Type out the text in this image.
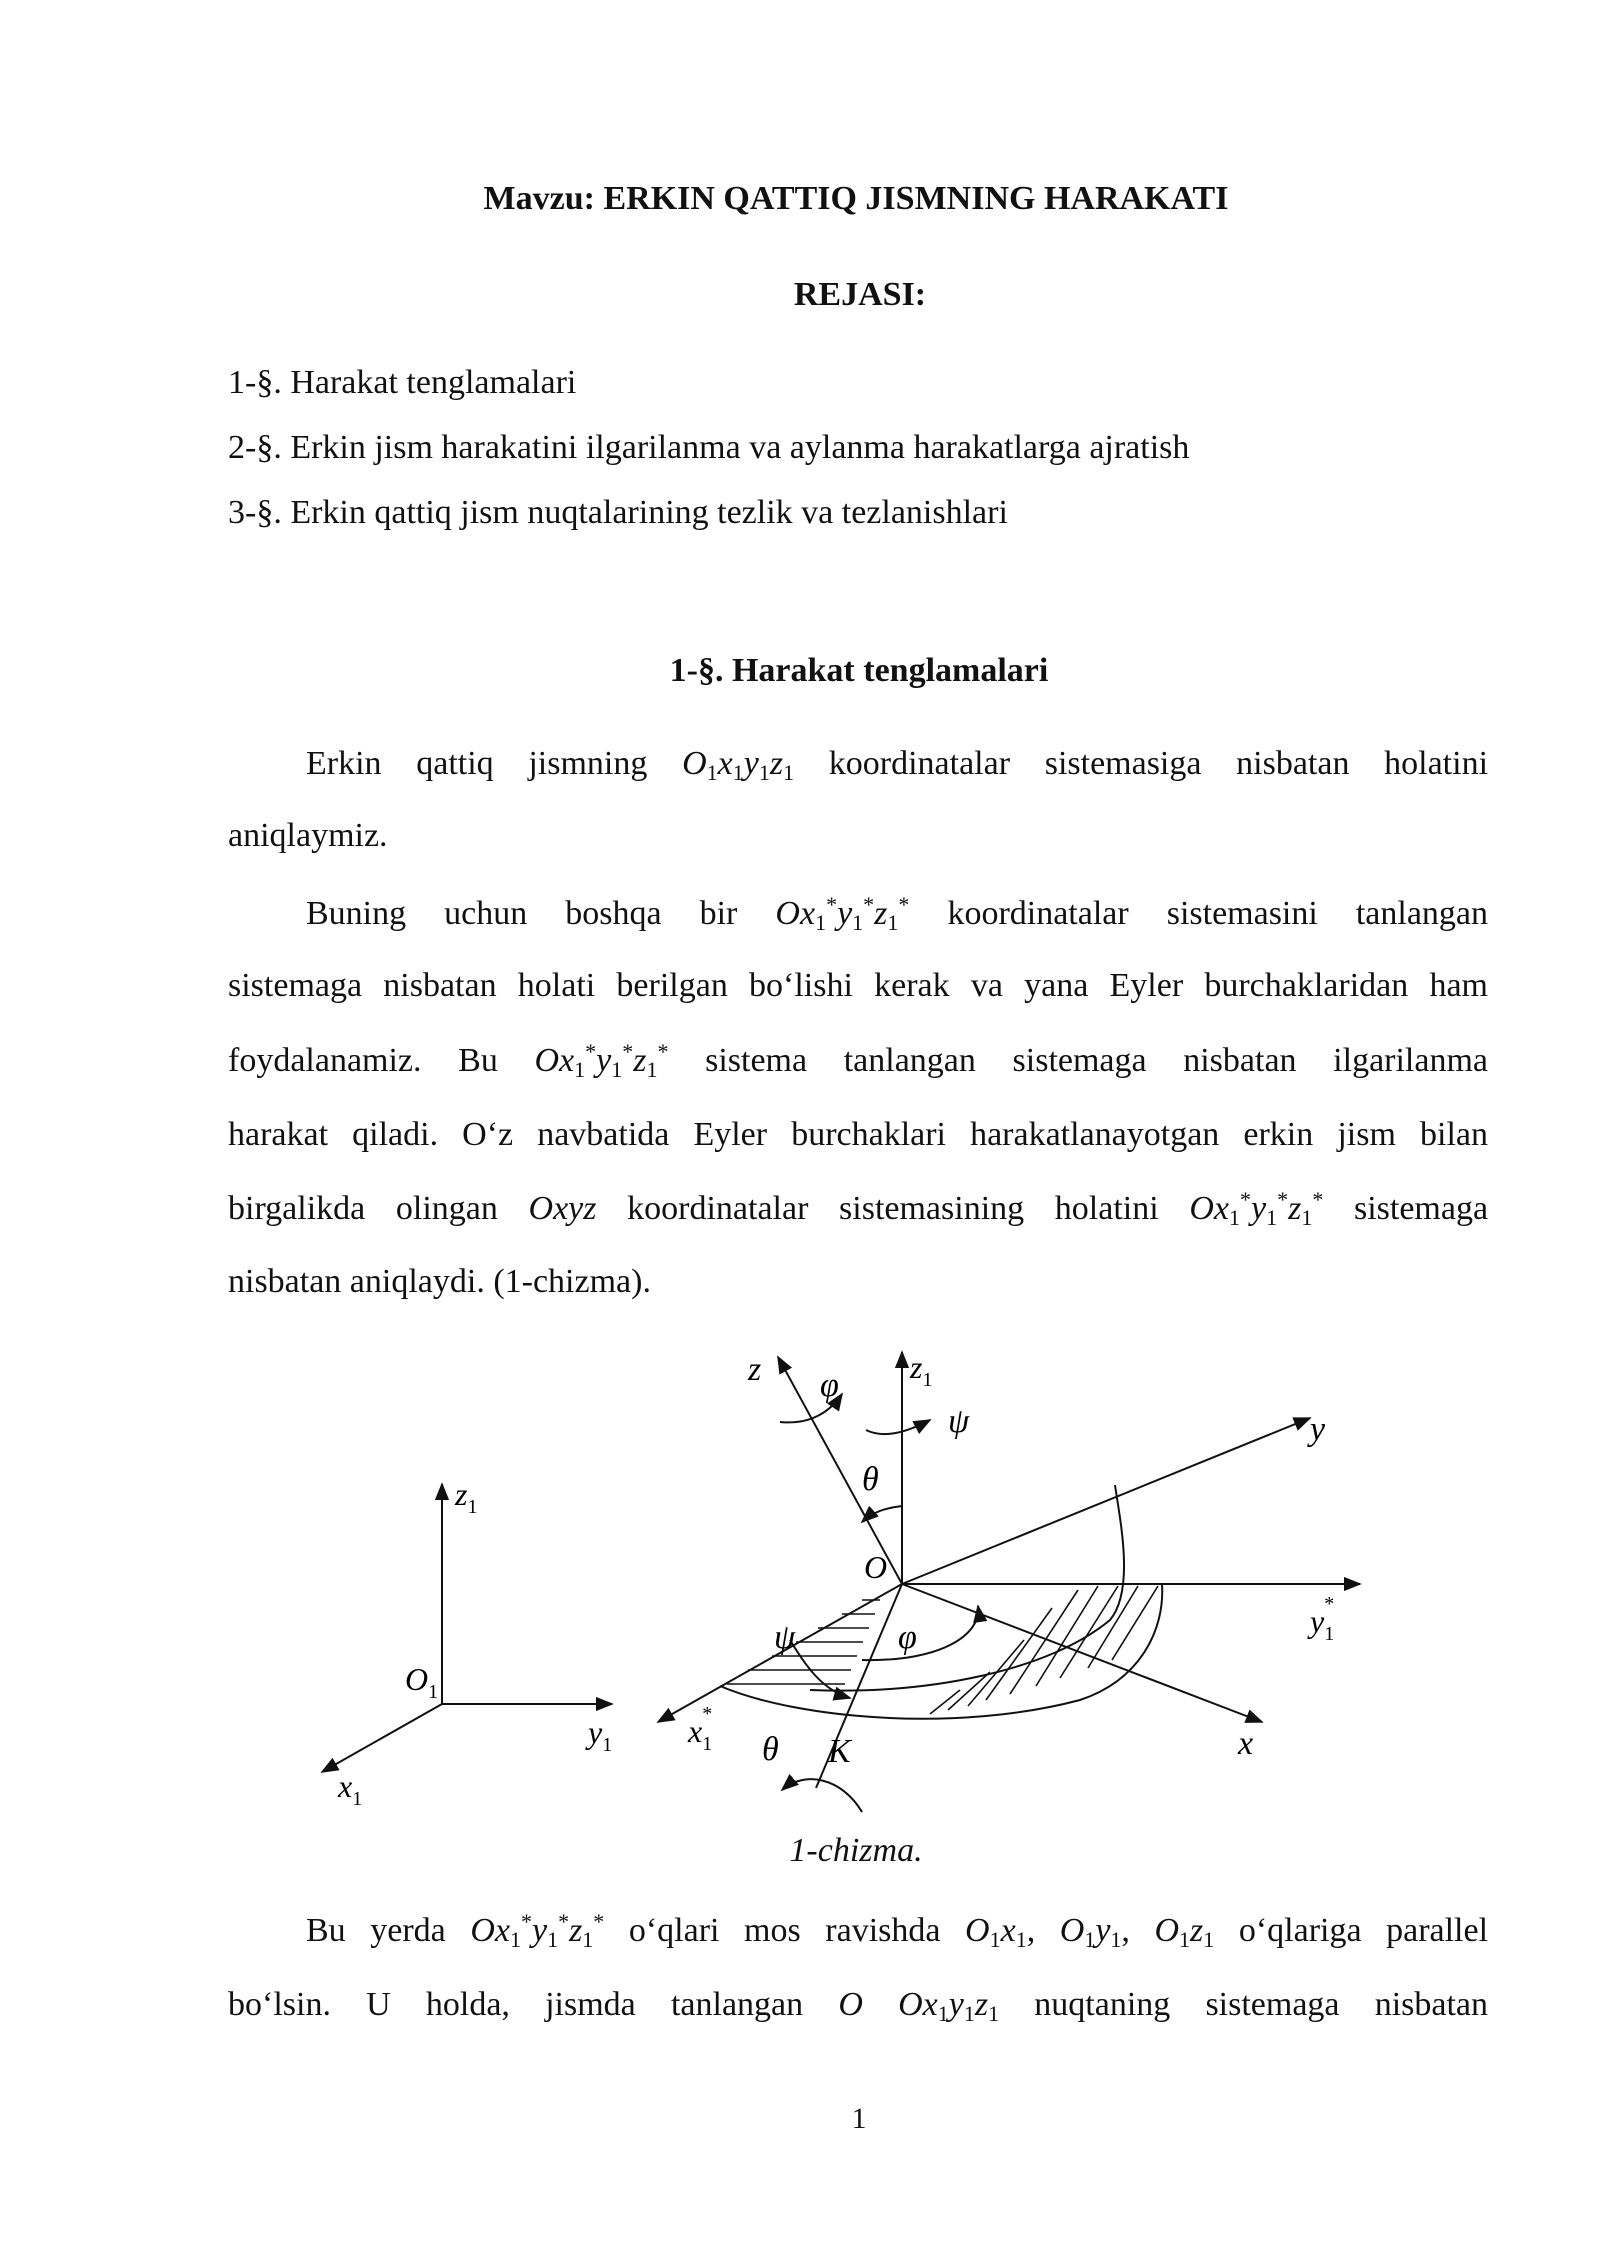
Mavzu: ERKIN QATTIQ JISMNING HARAKATI
REJASI:
1-§. Harakat tenglamalari
2-§. Erkin jism harakatini ilgarilanma va aylanma harakatlarga ajratish
3-§. Erkin qattiq jism nuqtalarining tezlik va tezlanishlari
1-§. Harakat tenglamalari
Erkin qattiq jismning $O_1x_1y_1z_1$ koordinatalar sistemasiga nisbatan holatini
aniqlaymiz.
Buning uchun boshqa bir $Ox_1^*y_1^*z_1^*$ koordinatalar sistemasini tanlangan
sistemaga nisbatan holati berilgan bo‘lishi kerak va yana Eyler burchaklaridan ham
foydalanamiz. Bu $Ox_1^*y_1^*z_1^*$ sistema tanlangan sistemaga nisbatan ilgarilanma
harakat qiladi. O‘z navbatida Eyler burchaklari harakatlanayotgan erkin jism bilan
birgalikda olingan Oxyz koordinatalar sistemasining holatini $Ox_1^*y_1^*z_1^*$ sistemaga
nisbatan aniqlaydi. (1-chizma).
$z_1$
$O_1$
$y_1$
$x_1$
z φ $z_1$
ψ	y
θ
O
$y_1*$
ψ	φ
$x_1*$
θ K	x
1-chizma.
Bu yerda $Ox_1^*y_1^*z_1^*$ o‘qlari mos ravishda $O_1x_1$, $O_1y_1$, $O_1z_1$ o‘qlariga parallel
bo‘lsin. U holda, jismda tanlangan O $Ox_1y_1z_1$ nuqtaning sistemaga nisbatan
1
